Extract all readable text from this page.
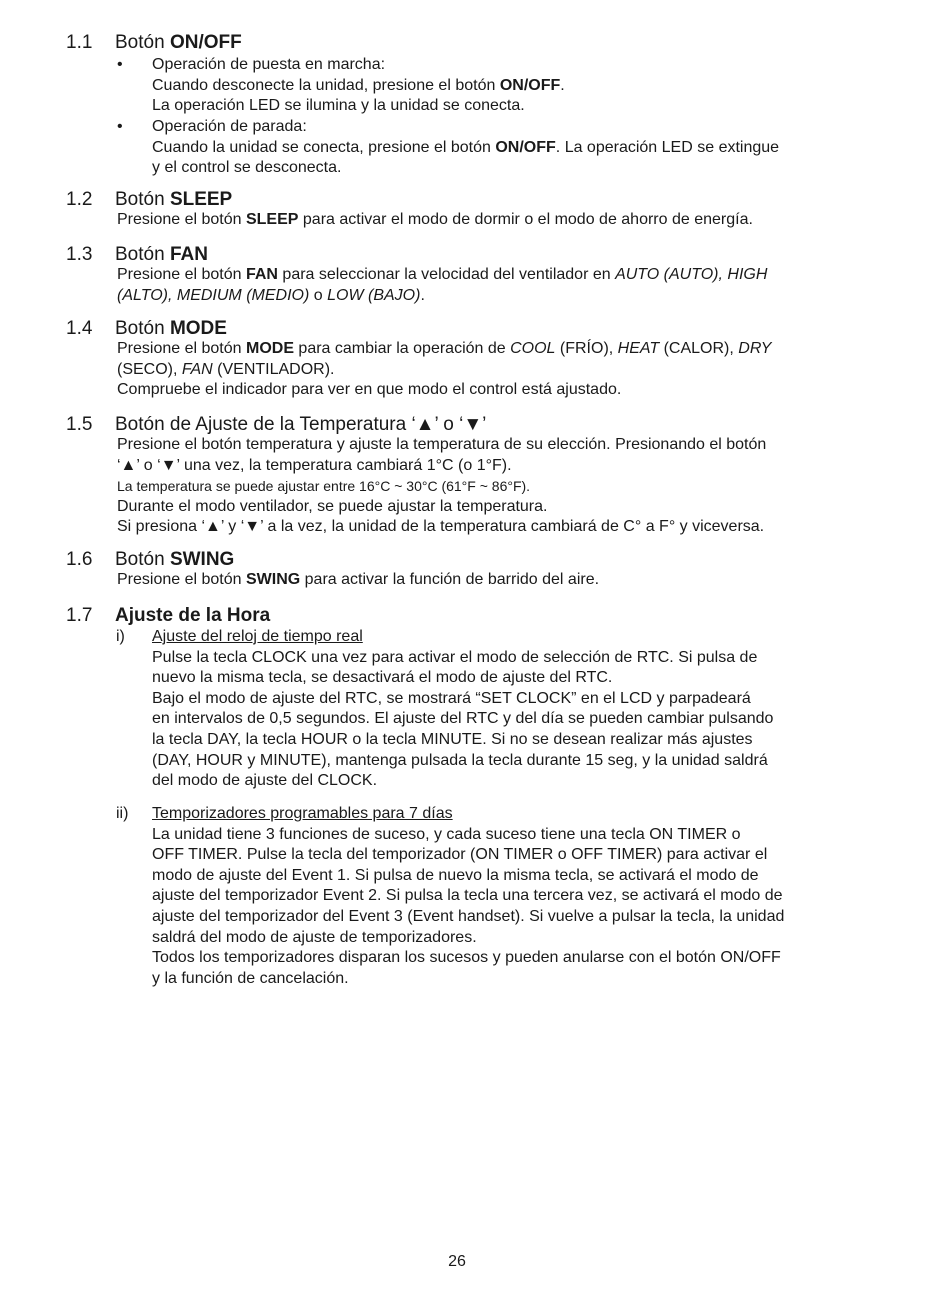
1.1 Botón ON/OFF
• Operación de puesta en marcha:

Cuando desconecte la unidad, presione el botón ON/OFF.

La operación LED se ilumina y la unidad se conecta.

• Operación de parada:

Cuando la unidad se conecta, presione el botón ON/OFF. La operación LED se extingue

y el control se desconecta.

1.2 Botón SLEEP

Presione el botón SLEEP para activar el modo de dormir o el modo de ahorro de energía.

1.3 Botón FAN

Presione el botón FAN para seleccionar la velocidad del ventilador en AUTO (AUTO), HIGH

(ALTO), MEDIUM (MEDIO) o LOW (BAJO).

1.4 Botón MODE

Presione el botón MODE para cambiar la operación de COOL (FRÍO), HEAT (CALOR), DRY

(SECO), FAN (VENTILADOR).

Compruebe el indicador para ver en que modo el control está ajustado.

1.5 Botón de Ajuste de la Temperatura ‘▲’ o ‘▼’

Presione el botón temperatura y ajuste la temperatura de su elección. Presionando el botón

‘▲’ o ‘▼’ una vez, la temperatura cambiará 1°C (o 1°F).

La temperatura se puede ajustar entre 16°C ~ 30°C (61°F ~ 86°F).

Durante el modo ventilador, se puede ajustar la temperatura.

Si presiona ‘▲’ y ‘▼’ a la vez, la unidad de la temperatura cambiará de C° a F° y viceversa.

1.6 Botón SWING

Presione el botón SWING para activar la función de barrido del aire.

1.7 Ajuste de la Hora
i) Ajuste del reloj de tiempo real

Pulse la tecla CLOCK una vez para activar el modo de selección de RTC. Si pulsa de

nuevo la misma tecla, se desactivará el modo de ajuste del RTC.

Bajo el modo de ajuste del RTC, se mostrará “SET CLOCK” en el LCD y parpadeará

en intervalos de 0,5 segundos. El ajuste del RTC y del día se pueden cambiar pulsando

la tecla DAY, la tecla HOUR o la tecla MINUTE. Si no se desean realizar más ajustes

(DAY, HOUR y MINUTE), mantenga pulsada la tecla durante 15 seg, y la unidad saldrá

del modo de ajuste del CLOCK.

ii) Temporizadores programables para 7 días

La unidad tiene 3 funciones de suceso, y cada suceso tiene una tecla ON TIMER o

OFF TIMER. Pulse la tecla del temporizador (ON TIMER o OFF TIMER) para activar el

modo de ajuste del Event 1. Si pulsa de nuevo la misma tecla, se activará el modo de

ajuste del temporizador Event 2. Si pulsa la tecla una tercera vez, se activará el modo de

ajuste del temporizador del Event 3 (Event handset). Si vuelve a pulsar la tecla, la unidad

saldrá del modo de ajuste de temporizadores.

Todos los temporizadores disparan los sucesos y pueden anularse con el botón ON/OFF

y la función de cancelación.

26
